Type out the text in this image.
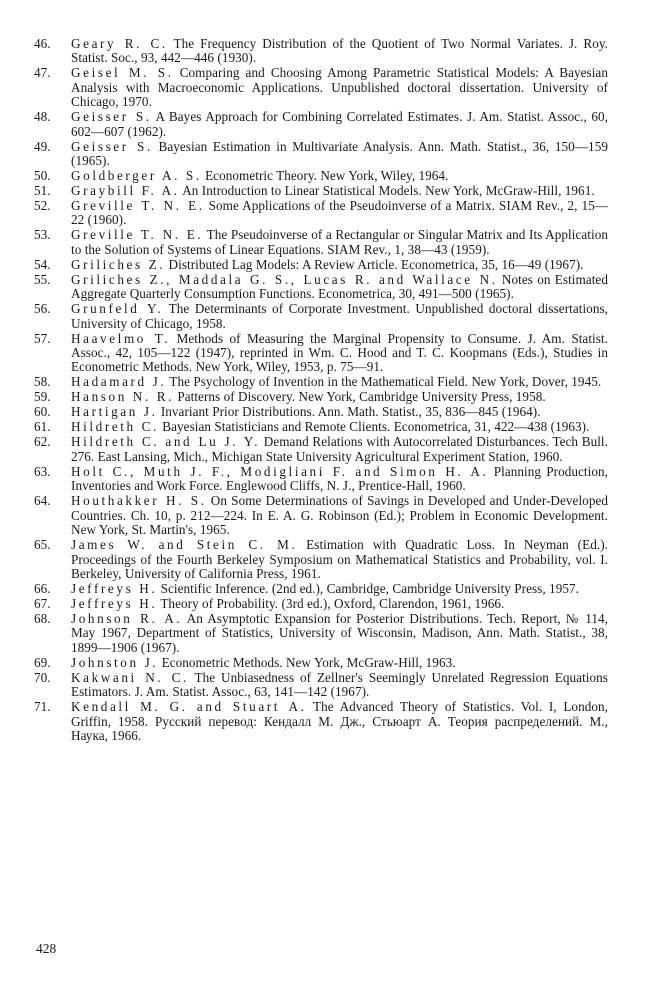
46.	Geary R. C. The Frequency Distribution of the Quotient of Two Normal Variates. J. Roy. Statist. Soc., 93, 442—446 (1930).
47.	Geisel M. S. Comparing and Choosing Among Parametric Statistical Models: A Bayesian Analysis with Macroeconomic Applications. Unpublished doctoral dissertation. University of Chicago, 1970.
48.	Geisser S. A Bayes Approach for Combining Correlated Estimates. J. Am. Statist. Assoc., 60, 602—607 (1962).
49.	Geisser S. Bayesian Estimation in Multivariate Analysis. Ann. Math. Statist., 36, 150—159 (1965).
50.	Goldberger A. S. Econometric Theory. New York, Wiley, 1964.
51.	Graybill F. A. An Introduction to Linear Statistical Models. New York, McGraw-Hill, 1961.
52.	Greville T. N. E. Some Applications of the Pseudoinverse of a Matrix. SIAM Rev., 2, 15—22 (1960).
53.	Greville T. N. E. The Pseudoinverse of a Rectangular or Singular Matrix and Its Application to the Solution of Systems of Linear Equations. SIAM Rev., 1, 38—43 (1959).
54.	Griliches Z. Distributed Lag Models: A Review Article. Econometrica, 35, 16—49 (1967).
55.	Griliches Z., Maddala G. S., Lucas R. and Wallace N. Notes on Estimated Aggregate Quarterly Consumption Functions. Econometrica, 30, 491—500 (1965).
56.	Grunfeld Y. The Determinants of Corporate Investment. Unpublished doctoral dissertations, University of Chicago, 1958.
57.	Haavelmo T. Methods of Measuring the Marginal Propensity to Consume. J. Am. Statist. Assoc., 42, 105—122 (1947), reprinted in Wm. C. Hood and T. C. Koopmans (Eds.), Studies in Econometric Methods. New York, Wiley, 1953, p. 75—91.
58.	Hadamard J. The Psychology of Invention in the Mathematical Field. New York, Dover, 1945.
59.	Hanson N. R. Patterns of Discovery. New York, Cambridge University Press, 1958.
60.	Hartigan J. Invariant Prior Distributions. Ann. Math. Statist., 35, 836—845 (1964).
61.	Hildreth C. Bayesian Statisticians and Remote Clients. Econometrica, 31, 422—438 (1963).
62.	Hildreth C. and Lu J. Y. Demand Relations with Autocorrelated Disturbances. Tech Bull. 276. East Lansing, Mich., Michigan State University Agricultural Experiment Station, 1960.
63.	Holt C., Muth J. F., Modigliani F. and Simon H. A. Planning Production, Inventories and Work Force. Englewood Cliffs, N. J., Prentice-Hall, 1960.
64.	Houthakker H. S. On Some Determinations of Savings in Developed and Under-Developed Countries. Ch. 10, p. 212—224. In E. A. G. Robinson (Ed.); Problem in Economic Development. New York, St. Martin's, 1965.
65.	James W. and Stein C. M. Estimation with Quadratic Loss. In Neyman (Ed.). Proceedings of the Fourth Berkeley Symposium on Mathematical Statistics and Probability, vol. I. Berkeley, University of California Press, 1961.
66.	Jeffreys H. Scientific Inference. (2nd ed.), Cambridge, Cambridge University Press, 1957.
67.	Jeffreys H. Theory of Probability. (3rd ed.), Oxford, Clarendon, 1961, 1966.
68.	Johnson R. A. An Asymptotic Expansion for Posterior Distributions. Tech. Report, № 114, May 1967, Department of Statistics, University of Wisconsin, Madison, Ann. Math. Statist., 38, 1899—1906 (1967).
69.	Johnston J. Econometric Methods. New York, McGraw-Hill, 1963.
70.	Kakwani N. C. The Unbiasedness of Zellner's Seemingly Unrelated Regression Equations Estimators. J. Am. Statist. Assoc., 63, 141—142 (1967).
71.	Kendall M. G. and Stuart A. The Advanced Theory of Statistics. Vol. I, London, Griffin, 1958. Русский перевод: Кендалл М. Дж., Стьюарт А. Теория распределений. М., Наука, 1966.
428
